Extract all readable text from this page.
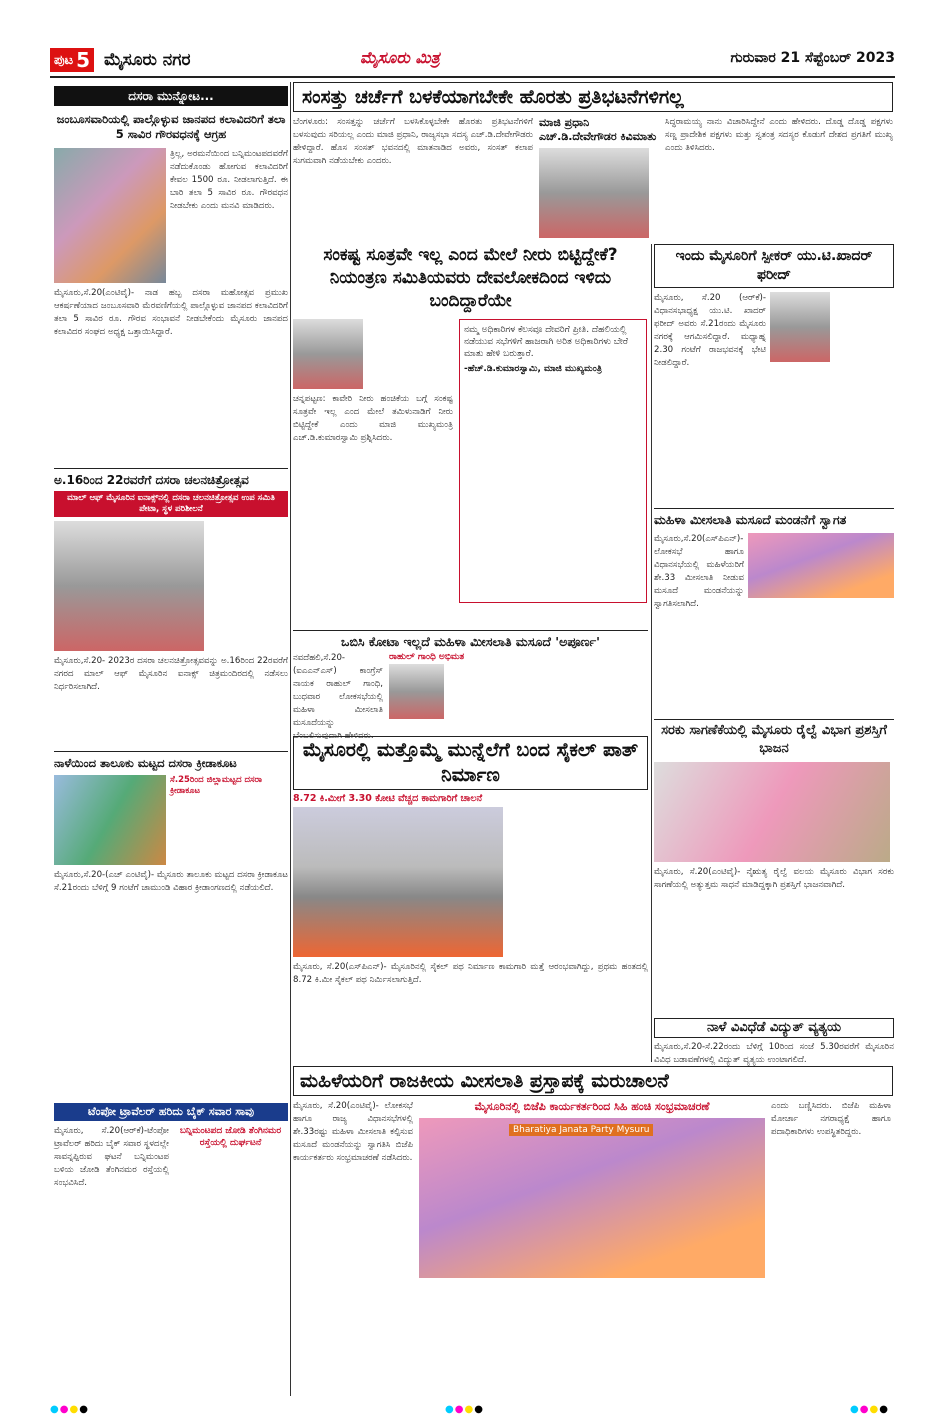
ಪುಟ 5 ಮೈಸೂರು ನಗರ	ಮೈಸೂರು ಮಿತ್ರ	ಗುರುವಾರ 21 ಸೆಪ್ಟೆಂಬರ್ 2023
ದಸರಾ ಮುನ್ನೋಟ...
ಜಂಬೂಸವಾರಿಯಲ್ಲಿ ಪಾಲ್ಗೊಳ್ಳುವ ಜಾನಪದ ಕಲಾವಿದರಿಗೆ ತಲಾ 5 ಸಾವಿರ ಗೌರವಧನಕ್ಕೆ ಆಗ್ರಹ
ತ್ರಿಲ್ಲ, ಅರಮನೆಯಿಂದ ಬನ್ನಿಮಂಟಪದವರೆಗೆ ನಡೆದುಕೊಂಡು ಹೋಗುವ ಕಲಾವಿದರಿಗೆ ಕೇವಲ 1500 ರೂ. ನೀಡಲಾಗುತ್ತಿದೆ. ಈ ಬಾರಿ ತಲಾ 5 ಸಾವಿರ ರೂ. ಗೌರವಧನ ನೀಡಬೇಕು ಎಂದು ಮನವಿ ಮಾಡಿದರು.
ಮೈಸೂರು,ಸೆ.20(ಎಂಟಿವೈ)- ನಾಡ ಹಬ್ಬ ದಸರಾ ಮಹೋತ್ಸವ ಪ್ರಮುಖ ಆಕರ್ಷಣೆಯಾದ ಜಂಬೂಸವಾರಿ ಮೆರವಣಿಗೆಯಲ್ಲಿ ಪಾಲ್ಗೊಳ್ಳುವ ಜಾನಪದ ಕಲಾವಿದರಿಗೆ ತಲಾ 5 ಸಾವಿರ ರೂ. ಗೌರವ ಸಂಭಾವನೆ ನೀಡಬೇಕೆಂದು ಮೈಸೂರು ಜಾನಪದ ಕಲಾವಿದರ ಸಂಘದ ಅಧ್ಯಕ್ಷ ಒತ್ತಾಯಿಸಿದ್ದಾರೆ.
ಅ.16ರಿಂದ 22ರವರೆಗೆ ದಸರಾ ಚಲನಚಿತ್ರೋತ್ಸವ
ಮಾಲ್ ಆಫ್ ಮೈಸೂರಿನ ಐನಾಕ್ಸ್‌ನಲ್ಲಿ ದಸರಾ ಚಲನಚಿತ್ರೋತ್ಸವ ಉಪ ಸಮಿತಿ ಪೇಟಾ, ಸ್ಥಳ ಪರಿಶೀಲನೆ
ಮೈಸೂರು,ಸೆ.20- 2023ರ ದಸರಾ ಚಲನಚಿತ್ರೋತ್ಸವವನ್ನು ಅ.16ರಿಂದ 22ರವರೆಗೆ ನಗರದ ಮಾಲ್ ಆಫ್ ಮೈಸೂರಿನ ಐನಾಕ್ಸ್ ಚಿತ್ರಮಂದಿರದಲ್ಲಿ ನಡೆಸಲು ನಿರ್ಧರಿಸಲಾಗಿದೆ.
ನಾಳೆಯಿಂದ ತಾಲೂಕು ಮಟ್ಟದ ದಸರಾ ಕ್ರೀಡಾಕೂಟ
ಸೆ.25ರಿಂದ ಜಿಲ್ಲಾಮಟ್ಟದ ದಸರಾ ಕ್ರೀಡಾಕೂಟ
ಮೈಸೂರು,ಸೆ.20-(ಎಚ್ ಎಂಟಿವೈ)- ಮೈಸೂರು ತಾಲೂಕು ಮಟ್ಟದ ದಸರಾ ಕ್ರೀಡಾಕೂಟ ಸೆ.21ರಂದು ಬೆಳಿಗ್ಗೆ 9 ಗಂಟೆಗೆ ಚಾಮುಂಡಿ ವಿಹಾರ ಕ್ರೀಡಾಂಗಣದಲ್ಲಿ ನಡೆಯಲಿದೆ.
ಟೆಂಪೋ ಟ್ರಾವೆಲರ್ ಹರಿದು ಬೈಕ್ ಸವಾರ ಸಾವು
ಮೈಸೂರು, ಸೆ.20(ಆರ್‌ಕೆ)-ಟೆಂಪೋ ಟ್ರಾವೆಲರ್ ಹರಿದು ಬೈಕ್ ಸವಾರ ಸ್ಥಳದಲ್ಲೇ ಸಾವನ್ನಪ್ಪಿರುವ ಘಟನೆ ಬನ್ನಿಮಂಟಪ ಬಳಿಯ ಜೋಡಿ ತೆಂಗಿನಮರ ರಸ್ತೆಯಲ್ಲಿ ಸಂಭವಿಸಿದೆ.
ಬನ್ನಿಮಂಟಪದ ಜೋಡಿ ತೆಂಗಿನಮರ ರಸ್ತೆಯಲ್ಲಿ ದುರ್ಘಟನೆ
ಸಂಸತ್ತು ಚರ್ಚೆಗೆ ಬಳಕೆಯಾಗಬೇಕೇ ಹೊರತು ಪ್ರತಿಭಟನೆಗಳಿಗಲ್ಲ
ಬೆಂಗಳೂರು: ಸಂಸತ್ತನ್ನು ಚರ್ಚೆಗೆ ಬಳಸಿಕೊಳ್ಳಬೇಕೇ ಹೊರತು ಪ್ರತಿಭಟನೆಗಳಿಗೆ ಬಳಸುವುದು ಸರಿಯಲ್ಲ ಎಂದು ಮಾಜಿ ಪ್ರಧಾನಿ, ರಾಜ್ಯಸಭಾ ಸದಸ್ಯ ಎಚ್.ಡಿ.ದೇವೇಗೌಡರು ಹೇಳಿದ್ದಾರೆ. ಹೊಸ ಸಂಸತ್ ಭವನದಲ್ಲಿ ಮಾತನಾಡಿದ ಅವರು, ಸಂಸತ್ ಕಲಾಪ ಸುಗಮವಾಗಿ ನಡೆಯಬೇಕು ಎಂದರು.
ಮಾಜಿ ಪ್ರಧಾನಿ ಎಚ್.ಡಿ.ದೇವೇಗೌಡರ ಕಿವಿಮಾತು
ಸಿದ್ಧರಾಮಯ್ಯ ನಾನು ವಿಚಾರಿಸಿದ್ದೇನೆ ಎಂದು ಹೇಳಿದರು. ದೊಡ್ಡ ದೊಡ್ಡ ಪಕ್ಷಗಳು ಸಣ್ಣ ಪ್ರಾದೇಶಿಕ ಪಕ್ಷಗಳು ಮತ್ತು ಸ್ವತಂತ್ರ ಸದಸ್ಯರ ಕೊಡುಗೆ ದೇಶದ ಪ್ರಗತಿಗೆ ಮುಖ್ಯ ಎಂದು ತಿಳಿಸಿದರು.
ಸಂಕಷ್ಟ ಸೂತ್ರವೇ ಇಲ್ಲ ಎಂದ ಮೇಲೆ ನೀರು ಬಿಟ್ಟಿದ್ದೇಕೆ? ನಿಯಂತ್ರಣ ಸಮಿತಿಯವರು ದೇವಲೋಕದಿಂದ ಇಳಿದು ಬಂದಿದ್ದಾರೆಯೇ
ಚನ್ನಪಟ್ಟಣ: ಕಾವೇರಿ ನೀರು ಹಂಚಿಕೆಯ ಬಗ್ಗೆ ಸಂಕಷ್ಟ ಸೂತ್ರವೇ ಇಲ್ಲ ಎಂದ ಮೇಲೆ ತಮಿಳುನಾಡಿಗೆ ನೀರು ಬಿಟ್ಟಿದ್ದೇಕೆ ಎಂದು ಮಾಜಿ ಮುಖ್ಯಮಂತ್ರಿ ಎಚ್.ಡಿ.ಕುಮಾರಸ್ವಾಮಿ ಪ್ರಶ್ನಿಸಿದರು.
ನಮ್ಮ ಅಧಿಕಾರಿಗಳ ಕೆಲಸವೂ ದೇವರಿಗೆ ಪ್ರೀತಿ. ದೆಹಲಿಯಲ್ಲಿ ನಡೆಯುವ ಸಭೆಗಳಿಗೆ ಹಾಜರಾಗಿ ಅರಿತ ಅಧಿಕಾರಿಗಳು ಬೇರೆ ಮಾತು ಹೇಳಿ ಬರುತ್ತಾರೆ.
-ಹೆಚ್.ಡಿ.ಕುಮಾರಸ್ವಾಮಿ, ಮಾಜಿ ಮುಖ್ಯಮಂತ್ರಿ
ಒಬಿಸಿ ಕೋಟಾ ಇಲ್ಲದೆ ಮಹಿಳಾ ಮೀಸಲಾತಿ ಮಸೂದೆ 'ಅಪೂರ್ಣ'
ನವದೆಹಲಿ,ಸೆ.20-(ಐಎಎನ್‌ಎಸ್) ಕಾಂಗ್ರೆಸ್ ನಾಯಕ ರಾಹುಲ್ ಗಾಂಧಿ, ಬುಧವಾರ ಲೋಕಸಭೆಯಲ್ಲಿ ಮಹಿಳಾ ಮೀಸಲಾತಿ ಮಸೂದೆಯನ್ನು ಬೆಂಬಲಿಸುವುದಾಗಿ ಹೇಳಿದರು.
ರಾಹುಲ್ ಗಾಂಧಿ ಅಭಿಮತ
ಮೈಸೂರಲ್ಲಿ ಮತ್ತೊಮ್ಮೆ ಮುನ್ನೆಲೆಗೆ ಬಂದ ಸೈಕಲ್ ಪಾತ್ ನಿರ್ಮಾಣ
8.72 ಕಿ.ಮೀಗೆ 3.30 ಕೋಟಿ ವೆಚ್ಚದ ಕಾಮಗಾರಿಗೆ ಚಾಲನೆ
ಮೈಸೂರು, ಸೆ.20(ಎಸ್‌ಪಿಎನ್)- ಮೈಸೂರಿನಲ್ಲಿ ಸೈಕಲ್ ಪಥ ನಿರ್ಮಾಣ ಕಾಮಗಾರಿ ಮತ್ತೆ ಆರಂಭವಾಗಿದ್ದು, ಪ್ರಥಮ ಹಂತದಲ್ಲಿ 8.72 ಕಿ.ಮೀ ಸೈಕಲ್ ಪಥ ನಿರ್ಮಿಸಲಾಗುತ್ತಿದೆ.
ಇಂದು ಮೈಸೂರಿಗೆ ಸ್ಪೀಕರ್ ಯು.ಟಿ.ಖಾದರ್ ಫರೀದ್
ಮೈಸೂರು, ಸೆ.20 (ಆರ್‌ಕೆ)- ವಿಧಾನಸಭಾಧ್ಯಕ್ಷ ಯು.ಟಿ. ಖಾದರ್ ಫರೀದ್ ಅವರು ಸೆ.21ರಂದು ಮೈಸೂರು ನಗರಕ್ಕೆ ಆಗಮಿಸಲಿದ್ದಾರೆ. ಮಧ್ಯಾಹ್ನ 2.30 ಗಂಟೆಗೆ ರಾಜಭವನಕ್ಕೆ ಭೇಟಿ ನೀಡಲಿದ್ದಾರೆ.
ಮಹಿಳಾ ಮೀಸಲಾತಿ ಮಸೂದೆ ಮಂಡನೆಗೆ ಸ್ವಾಗತ
ಮೈಸೂರು,ಸೆ.20(ಎಸ್‌ಪಿಎನ್)- ಲೋಕಸಭೆ ಹಾಗೂ ವಿಧಾನಸಭೆಯಲ್ಲಿ ಮಹಿಳೆಯರಿಗೆ ಶೇ.33 ಮೀಸಲಾತಿ ನೀಡುವ ಮಸೂದೆ ಮಂಡನೆಯನ್ನು ಸ್ವಾಗತಿಸಲಾಗಿದೆ.
ಸರಕು ಸಾಗಣೆಕೆಯಲ್ಲಿ ಮೈಸೂರು ರೈಲ್ವೆ ವಿಭಾಗ ಪ್ರಶಸ್ತಿಗೆ ಭಾಜನ
ಮೈಸೂರು, ಸೆ.20(ಎಂಟಿವೈ)- ನೈಋತ್ಯ ರೈಲ್ವೆ ವಲಯ ಮೈಸೂರು ವಿಭಾಗ ಸರಕು ಸಾಗಣೆಯಲ್ಲಿ ಅತ್ಯುತ್ತಮ ಸಾಧನೆ ಮಾಡಿದ್ದಕ್ಕಾಗಿ ಪ್ರಶಸ್ತಿಗೆ ಭಾಜನವಾಗಿದೆ.
ನಾಳೆ ವಿವಿಧೆಡೆ ವಿದ್ಯುತ್ ವ್ಯತ್ಯಯ
ಮೈಸೂರು,ಸೆ.20-ಸೆ.22ರಂದು ಬೆಳಿಗ್ಗೆ 10ರಿಂದ ಸಂಜೆ 5.30ರವರೆಗೆ ಮೈಸೂರಿನ ವಿವಿಧ ಬಡಾವಣೆಗಳಲ್ಲಿ ವಿದ್ಯುತ್ ವ್ಯತ್ಯಯ ಉಂಟಾಗಲಿದೆ.
ಮಹಿಳೆಯರಿಗೆ ರಾಜಕೀಯ ಮೀಸಲಾತಿ ಪ್ರಸ್ತಾಪಕ್ಕೆ ಮರುಚಾಲನೆ
ಮೈಸೂರು, ಸೆ.20(ಎಂಟಿವೈ)- ಲೋಕಸಭೆ ಹಾಗೂ ರಾಜ್ಯ ವಿಧಾನಸಭೆಗಳಲ್ಲಿ ಶೇ.33ರಷ್ಟು ಮಹಿಳಾ ಮೀಸಲಾತಿ ಕಲ್ಪಿಸುವ ಮಸೂದೆ ಮಂಡನೆಯನ್ನು ಸ್ವಾಗತಿಸಿ ಬಿಜೆಪಿ ಕಾರ್ಯಕರ್ತರು ಸಂಭ್ರಮಾಚರಣೆ ನಡೆಸಿದರು.
ಮೈಸೂರಿನಲ್ಲಿ ಬಿಜೆಪಿ ಕಾರ್ಯಕರ್ತರಿಂದ ಸಿಹಿ ಹಂಚಿ ಸಂಭ್ರಮಾಚರಣೆ
Bharatiya Janata Party Mysuru
ಎಂದು ಬಣ್ಣಿಸಿದರು. ಬಿಜೆಪಿ ಮಹಿಳಾ ಮೋರ್ಚಾ ನಗರಾಧ್ಯಕ್ಷೆ ಹಾಗೂ ಪದಾಧಿಕಾರಿಗಳು ಉಪಸ್ಥಿತರಿದ್ದರು.
●●●●	●●●●	●●●●
